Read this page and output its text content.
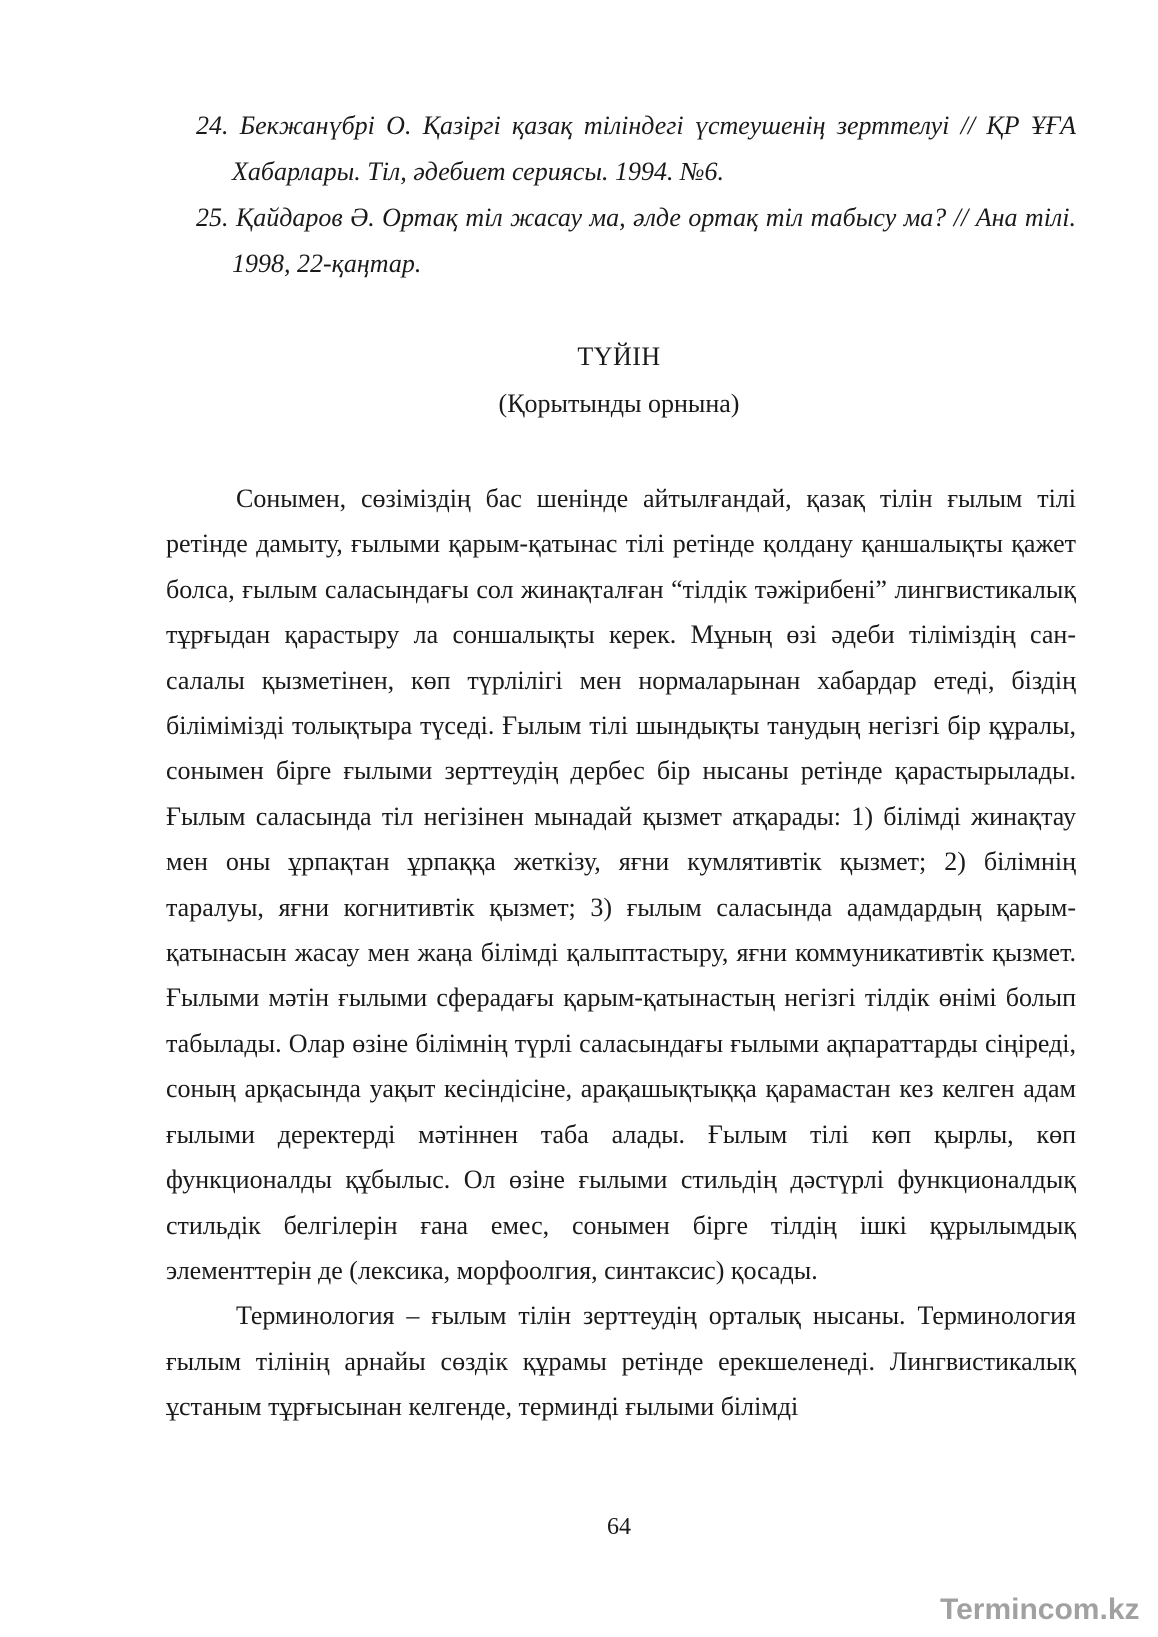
24. Бекжанүбрі О. Қазіргі қазақ тіліндегі үстеушенің зерттелуі // ҚР ҰҒА Хабарлары. Тіл, әдебиет сериясы. 1994. №6.

25. Қайдаров Ә. Ортақ тіл жасау ма, әлде ортақ тіл табысу ма? // Ана тілі. 1998, 22-қаңтар.

ТҮЙІН
(Қорытынды орнына)

Сонымен, сөзіміздің бас шенінде айтылғандай, қазақ тілін ғылым тілі ретінде дамыту, ғылыми қарым-қатынас тілі ретінде қолдану қаншалықты қажет болса, ғылым саласындағы сол жинақталған “тілдік тәжірибені” лингвистикалық тұрғыдан қарастыру ла соншалықты керек. Мұның өзі әдеби тіліміздің сан-салалы қызметінен, көп түрлілігі мен нормаларынан хабардар етеді, біздің білімімізді толықтыра түседі. Ғылым тілі шындықты танудың негізгі бір құралы, сонымен бірге ғылыми зерттеудің дербес бір нысаны ретінде қарастырылады. Ғылым саласында тіл негізінен мынадай қызмет атқарады: 1) білімді жинақтау мен оны ұрпақтан ұрпаққа жеткізу, яғни кумлятивтік қызмет; 2) білімнің таралуы, яғни когнитивтік қызмет; 3) ғылым саласында адамдардың қарым-қатынасын жасау мен жаңа білімді қалыптастыру, яғни коммуникативтік қызмет. Ғылыми мәтін ғылыми сферадағы қарым-қатынастың негізгі тілдік өнімі болып табылады. Олар өзіне білімнің түрлі саласындағы ғылыми ақпараттарды сіңіреді, соның арқасында уақыт кесіндісіне, арақашықтыққа қарамастан кез келген адам ғылыми деректерді мәтіннен таба алады. Ғылым тілі көп қырлы, көп функционалды құбылыс. Ол өзіне ғылыми стильдің дәстүрлі функционалдық стильдік белгілерін ғана емес, сонымен бірге тілдің ішкі құрылымдық элементтерін де (лексика, морфоолгия, синтаксис) қосады.

Терминология – ғылым тілін зерттеудің орталық нысаны. Терминология ғылым тілінің арнайы сөздік құрамы ретінде ерекшеленеді. Лингвистикалық ұстаным тұрғысынан келгенде, терминді ғылыми білімді

64
Termincom.kz
